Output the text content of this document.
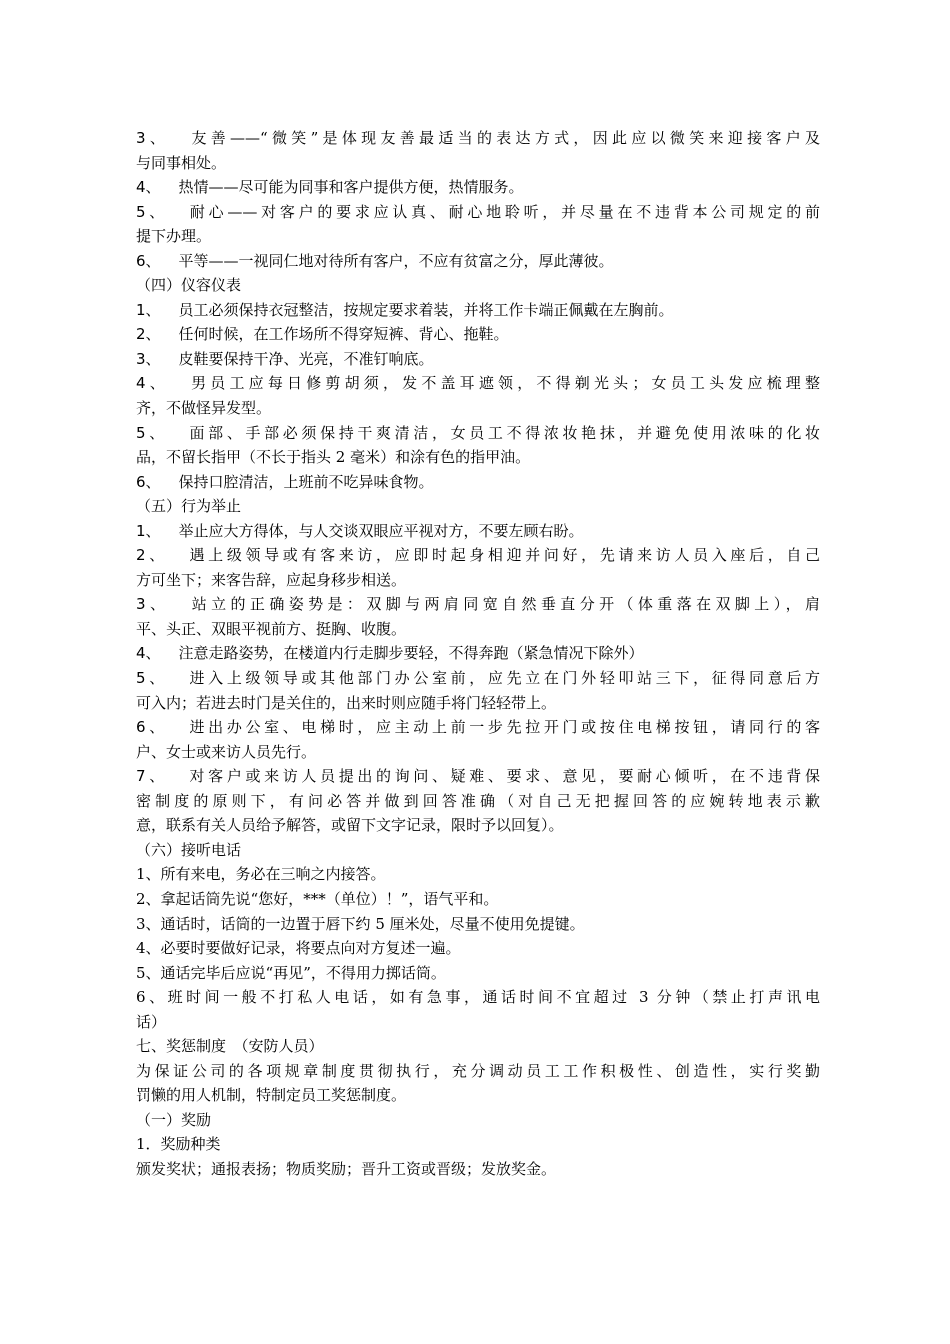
3、 友善——“微笑”是体现友善最适当的表达方式，因此应以微笑来迎接客户及
与同事相处。
4、 热情——尽可能为同事和客户提供方便，热情服务。
5、 耐心——对客户的要求应认真、耐心地聆听，并尽量在不违背本公司规定的前
提下办理。
6、 平等——一视同仁地对待所有客户，不应有贫富之分，厚此薄彼。
（四）仪容仪表
1、 员工必须保持衣冠整洁，按规定要求着装，并将工作卡端正佩戴在左胸前。
2、 任何时候，在工作场所不得穿短裤、背心、拖鞋。
3、 皮鞋要保持干净、光亮，不准钉响底。
4、 男员工应每日修剪胡须，发不盖耳遮领，不得剃光头；女员工头发应梳理整
齐，不做怪异发型。
5、 面部、手部必须保持干爽清洁，女员工不得浓妆艳抹，并避免使用浓味的化妆
品，不留长指甲（不长于指头 2 毫米）和涂有色的指甲油。
6、 保持口腔清洁，上班前不吃异味食物。
（五）行为举止
1、 举止应大方得体，与人交谈双眼应平视对方，不要左顾右盼。
2、 遇上级领导或有客来访，应即时起身相迎并问好，先请来访人员入座后，自己
方可坐下；来客告辞，应起身移步相送。
3、 站立的正确姿势是：双脚与两肩同宽自然垂直分开（体重落在双脚上），肩
平、头正、双眼平视前方、挺胸、收腹。
4、 注意走路姿势，在楼道内行走脚步要轻，不得奔跑（紧急情况下除外）
5、 进入上级领导或其他部门办公室前，应先立在门外轻叩站三下，征得同意后方
可入内；若进去时门是关住的，出来时则应随手将门轻轻带上。
6、 进出办公室、电梯时，应主动上前一步先拉开门或按住电梯按钮，请同行的客
户、女士或来访人员先行。
7、 对客户或来访人员提出的询问、疑难、要求、意见，要耐心倾听，在不违背保
密制度的原则下，有问必答并做到回答准确（对自己无把握回答的应婉转地表示歉
意，联系有关人员给予解答，或留下文字记录，限时予以回复）。
（六）接听电话
1、所有来电，务必在三响之内接答。
2、拿起话筒先说“您好，***（单位）！”，语气平和。
3、通话时，话筒的一边置于唇下约 5 厘米处，尽量不使用免提键。
4、必要时要做好记录，将要点向对方复述一遍。
5、通话完毕后应说“再见”，不得用力掷话筒。
6、班时间一般不打私人电话，如有急事，通话时间不宜超过 3 分钟（禁止打声讯电
话）
七、奖惩制度　（安防人员）
为保证公司的各项规章制度贯彻执行，充分调动员工工作积极性、创造性，实行奖勤
罚懒的用人机制，特制定员工奖惩制度。
（一）奖励
1．奖励种类
颁发奖状；通报表扬；物质奖励；晋升工资或晋级；发放奖金。
